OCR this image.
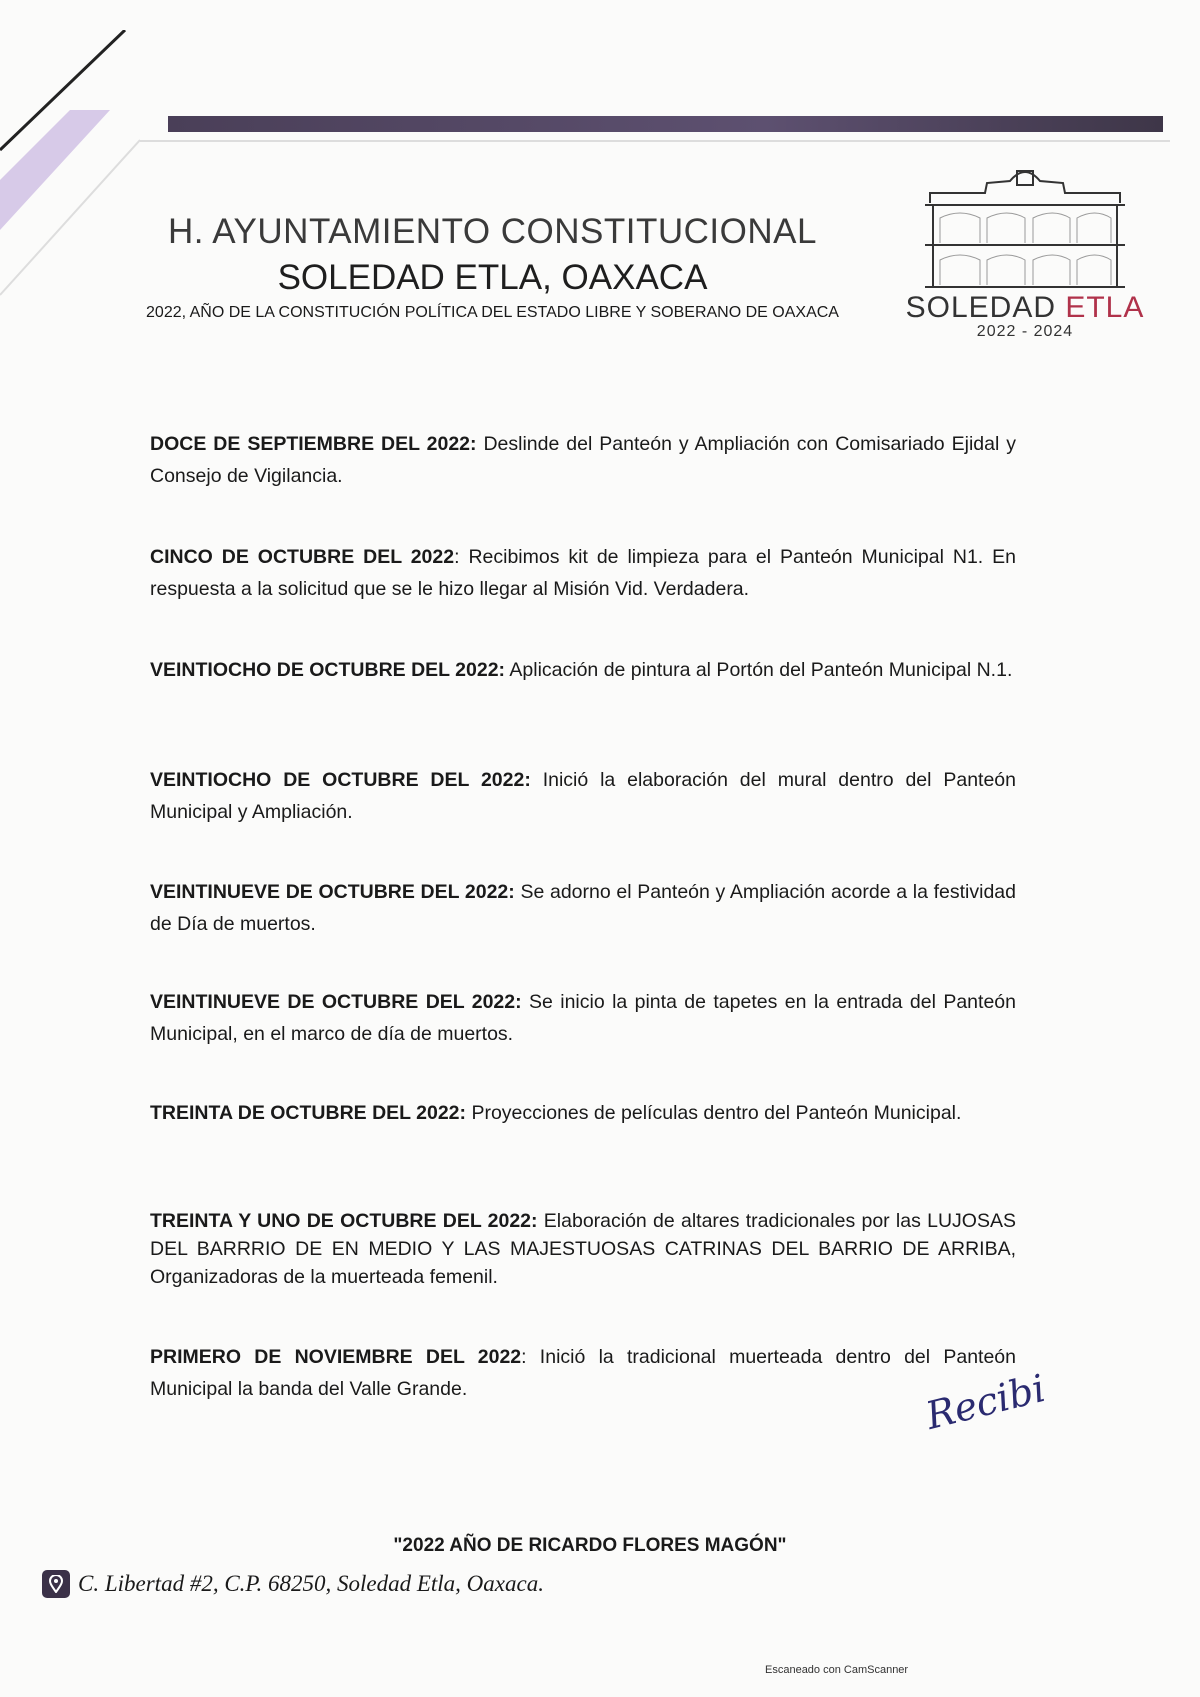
H. AYUNTAMIENTO CONSTITUCIONAL
SOLEDAD ETLA, OAXACA
2022, AÑO DE LA CONSTITUCIÓN POLÍTICA DEL ESTADO LIBRE Y SOBERANO DE OAXACA	SOLEDAD ETLA
2022 - 2024
DOCE DE SEPTIEMBRE DEL 2022: Deslinde del Panteón y Ampliación con Comisariado Ejidal y Consejo de Vigilancia.
CINCO DE OCTUBRE DEL 2022: Recibimos kit de limpieza para el Panteón Municipal N1. En respuesta a la solicitud que se le hizo llegar al Misión Vid. Verdadera.
VEINTIOCHO DE OCTUBRE DEL 2022: Aplicación de pintura al Portón del Panteón Municipal N.1.
VEINTIOCHO DE OCTUBRE DEL 2022: Inició la elaboración del mural dentro del Panteón Municipal y Ampliación.
VEINTINUEVE DE OCTUBRE DEL 2022: Se adorno el Panteón y Ampliación acorde a la festividad de Día de muertos.
VEINTINUEVE DE OCTUBRE DEL 2022: Se inicio la pinta de tapetes en la entrada del Panteón Municipal, en el marco de día de muertos.
TREINTA DE OCTUBRE DEL 2022: Proyecciones de películas dentro del Panteón Municipal.
TREINTA Y UNO DE OCTUBRE DEL 2022: Elaboración de altares tradicionales por las LUJOSAS DEL BARRRIO DE EN MEDIO Y LAS MAJESTUOSAS CATRINAS DEL BARRIO DE ARRIBA, Organizadoras de la muerteada femenil.
PRIMERO DE NOVIEMBRE DEL 2022: Inició la tradicional muerteada dentro del Panteón Municipal la banda del Valle Grande.	Recibi
"2022 AÑO DE RICARDO FLORES MAGÓN"
C. Libertad #2, C.P. 68250, Soledad Etla, Oaxaca.
Escaneado con CamScanner
